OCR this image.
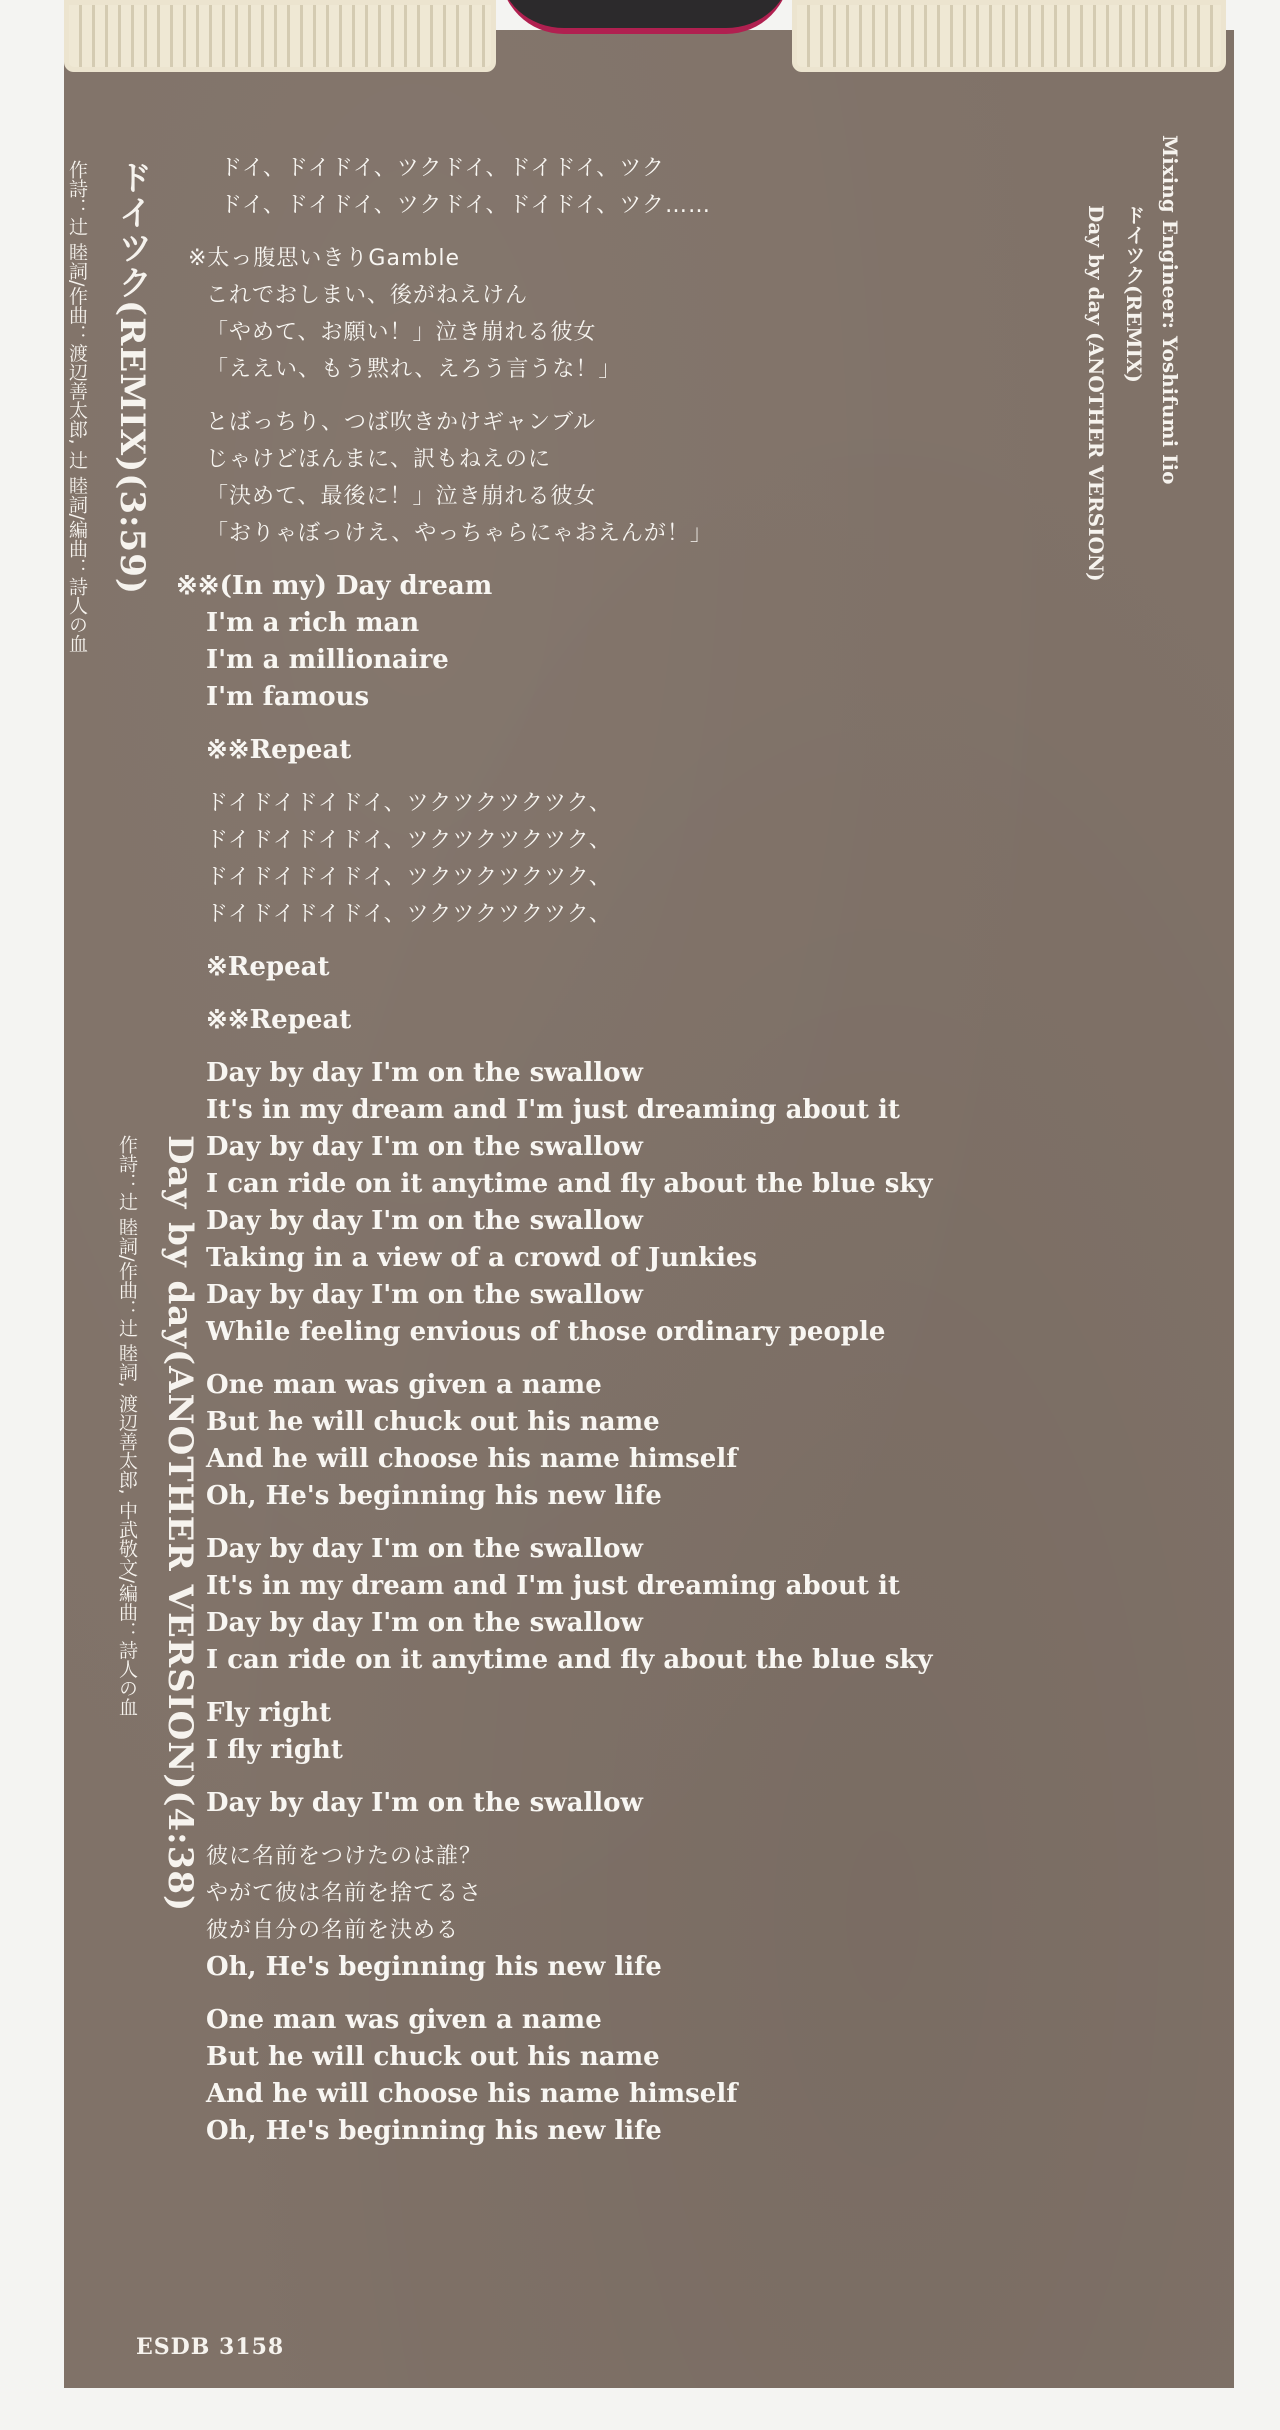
作詩：辻 睦詞/作曲：渡辺善太郎, 辻 睦詞/編曲：詩人の血 ドイツク(REMIX)(3:59)
作詩：辻 睦詞/作曲：辻 睦詞, 渡辺善太郎, 中武敬文/編曲：詩人の血 Day by day(ANOTHER VERSION)(4:38)
Mixing Engineer: Yoshifumi Iio
ドイツク(REMIX)
Day by day (ANOTHER VERSION)
ドイ、ドイドイ、ツクドイ、ドイドイ、ツク
ドイ、ドイドイ、ツクドイ、ドイドイ、ツク……
※太っ腹思いきりGamble
これでおしまい、後がねえけん
「やめて、お願い！」泣き崩れる彼女
「ええい、もう黙れ、えろう言うな！」
とばっちり、つば吹きかけギャンブル
じゃけどほんまに、訳もねえのに
「決めて、最後に！」泣き崩れる彼女
「おりゃぼっけえ、やっちゃらにゃおえんが！」
※※(In my) Day dream
I'm a rich man
I'm a millionaire
I'm famous
※※Repeat
ドイドイドイドイ、ツクツクツクツク、
ドイドイドイドイ、ツクツクツクツク、
ドイドイドイドイ、ツクツクツクツク、
ドイドイドイドイ、ツクツクツクツク、
※Repeat
※※Repeat
Day by day I'm on the swallow
It's in my dream and I'm just dreaming about it
Day by day I'm on the swallow
I can ride on it anytime and fly about the blue sky
Day by day I'm on the swallow
Taking in a view of a crowd of Junkies
Day by day I'm on the swallow
While feeling envious of those ordinary people
One man was given a name
But he will chuck out his name
And he will choose his name himself
Oh, He's beginning his new life
Day by day I'm on the swallow
It's in my dream and I'm just dreaming about it
Day by day I'm on the swallow
I can ride on it anytime and fly about the blue sky
Fly right
I fly right
Day by day I'm on the swallow
彼に名前をつけたのは誰？
やがて彼は名前を捨てるさ
彼が自分の名前を決める
Oh, He's beginning his new life
One man was given a name
But he will chuck out his name
And he will choose his name himself
Oh, He's beginning his new life
ESDB 3158
